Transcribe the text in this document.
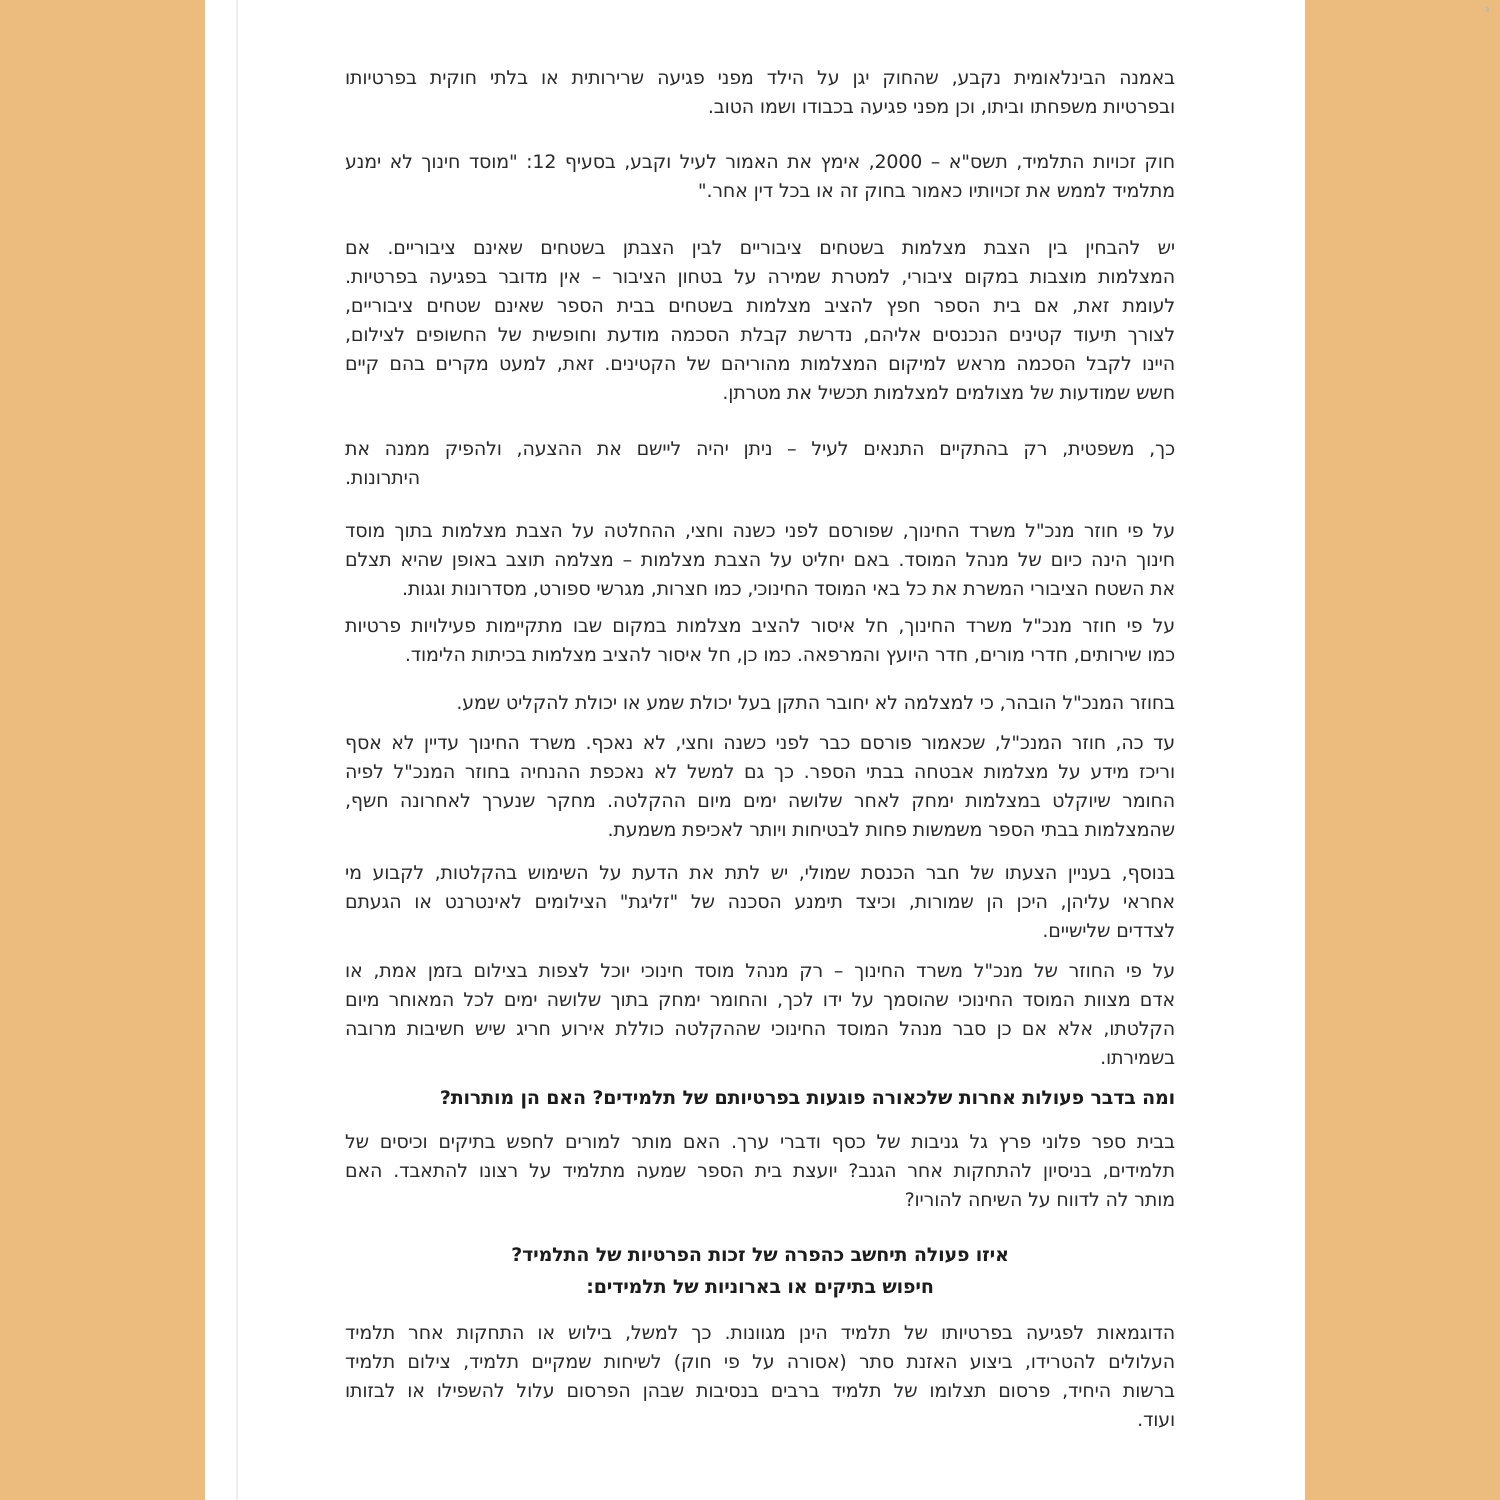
באמנה הבינלאומית נקבע, שהחוק יגן על הילד מפני פגיעה שרירותית או בלתי חוקית בפרטיותו
ובפרטיות משפחתו וביתו, וכן מפני פגיעה בכבודו ושמו הטוב.
חוק זכויות התלמיד, תשס"א – 2000, אימץ את האמור לעיל וקבע, בסעיף 12: "מוסד חינוך לא ימנע
מתלמיד לממש את זכויותיו כאמור בחוק זה או בכל דין אחר."
יש להבחין בין הצבת מצלמות בשטחים ציבוריים לבין הצבתן בשטחים שאינם ציבוריים. אם
המצלמות מוצבות במקום ציבורי, למטרת שמירה על בטחון הציבור – אין מדובר בפגיעה בפרטיות.
לעומת זאת, אם בית הספר חפץ להציב מצלמות בשטחים בבית הספר שאינם שטחים ציבוריים,
לצורך תיעוד קטינים הנכנסים אליהם, נדרשת קבלת הסכמה מודעת וחופשית של החשופים לצילום,
היינו לקבל הסכמה מראש למיקום המצלמות מהוריהם של הקטינים. זאת, למעט מקרים בהם קיים
חשש שמודעות של מצולמים למצלמות תכשיל את מטרתן.
כך, משפטית, רק בהתקיים התנאים לעיל – ניתן יהיה ליישם את ההצעה, ולהפיק ממנה את
היתרונות.
על פי חוזר מנכ"ל משרד החינוך, שפורסם לפני כשנה וחצי, ההחלטה על הצבת מצלמות בתוך מוסד
חינוך הינה כיום של מנהל המוסד. באם יחליט על הצבת מצלמות – מצלמה תוצב באופן שהיא תצלם
את השטח הציבורי המשרת את כל באי המוסד החינוכי, כמו חצרות, מגרשי ספורט, מסדרונות וגגות.
על פי חוזר מנכ"ל משרד החינוך, חל איסור להציב מצלמות במקום שבו מתקיימות פעילויות פרטיות
כמו שירותים, חדרי מורים, חדר היועץ והמרפאה. כמו כן, חל איסור להציב מצלמות בכיתות הלימוד.
בחוזר המנכ"ל הובהר, כי למצלמה לא יחובר התקן בעל יכולת שמע או יכולת להקליט שמע.
עד כה, חוזר המנכ"ל, שכאמור פורסם כבר לפני כשנה וחצי, לא נאכף. משרד החינוך עדיין לא אסף
וריכז מידע על מצלמות אבטחה בבתי הספר. כך גם למשל לא נאכפת ההנחיה בחוזר המנכ"ל לפיה
החומר שיוקלט במצלמות ימחק לאחר שלושה ימים מיום ההקלטה. מחקר שנערך לאחרונה חשף,
שהמצלמות בבתי הספר משמשות פחות לבטיחות ויותר לאכיפת משמעת.
בנוסף, בעניין הצעתו של חבר הכנסת שמולי, יש לתת את הדעת על השימוש בהקלטות, לקבוע מי
אחראי עליהן, היכן הן שמורות, וכיצד תימנע הסכנה של "זליגת" הצילומים לאינטרנט או הגעתם
לצדדים שלישיים.
על פי החוזר של מנכ"ל משרד החינוך – רק מנהל מוסד חינוכי יוכל לצפות בצילום בזמן אמת, או
אדם מצוות המוסד החינוכי שהוסמך על ידו לכך, והחומר ימחק בתוך שלושה ימים לכל המאוחר מיום
הקלטתו, אלא אם כן סבר מנהל המוסד החינוכי שההקלטה כוללת אירוע חריג שיש חשיבות מרובה
בשמירתו.
ומה בדבר פעולות אחרות שלכאורה פוגעות בפרטיותם של תלמידים? האם הן מותרות?
בבית ספר פלוני פרץ גל גניבות של כסף ודברי ערך. האם מותר למורים לחפש בתיקים וכיסים של
תלמידים, בניסיון להתחקות אחר הגנב? יועצת בית הספר שמעה מתלמיד על רצונו להתאבד. האם
מותר לה לדווח על השיחה להוריו?
איזו פעולה תיחשב כהפרה של זכות הפרטיות של התלמיד?
חיפוש בתיקים או בארוניות של תלמידים:
הדוגמאות לפגיעה בפרטיותו של תלמיד הינן מגוונות. כך למשל, בילוש או התחקות אחר תלמיד
העלולים להטרידו, ביצוע האזנת סתר (אסורה על פי חוק) לשיחות שמקיים תלמיד, צילום תלמיד
ברשות היחיד, פרסום תצלומו של תלמיד ברבים בנסיבות שבהן הפרסום עלול להשפילו או לבזותו
ועוד.
